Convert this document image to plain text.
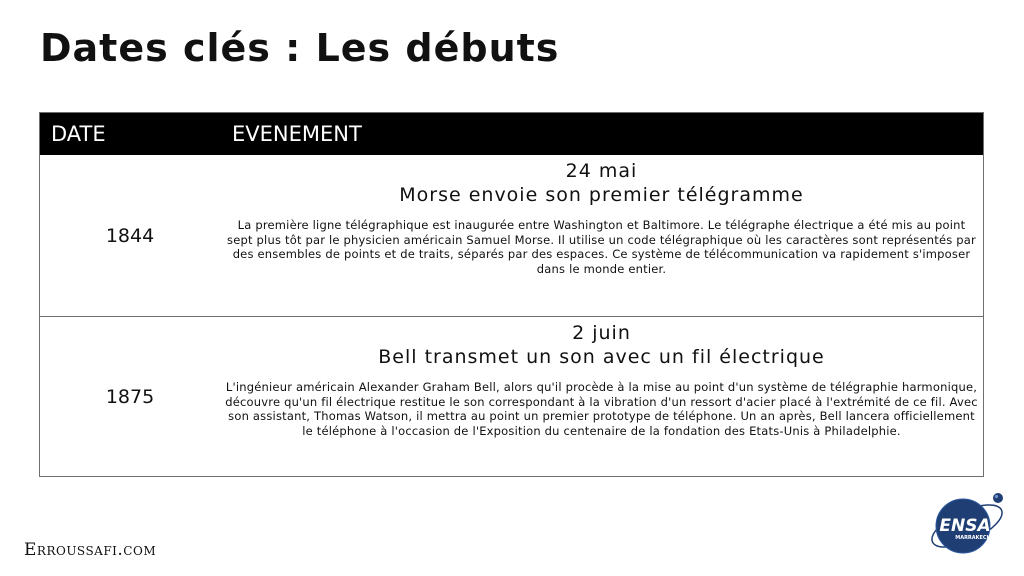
Dates clés : Les débuts
DATE	EVENEMENT
1844
24 mai
Morse envoie son premier télégramme
La première ligne télégraphique est inaugurée entre Washington et Baltimore. Le télégraphe électrique a été mis au point sept plus tôt par le physicien américain Samuel Morse. Il utilise un code télégraphique où les caractères sont représentés par des ensembles de points et de traits, séparés par des espaces. Ce système de télécommunication va rapidement s'imposer dans le monde entier.
1875
2 juin
Bell transmet un son avec un fil électrique
L'ingénieur américain Alexander Graham Bell, alors qu'il procède à la mise au point d'un système de télégraphie harmonique, découvre qu'un fil électrique restitue le son correspondant à la vibration d'un ressort d'acier placé à l'extrémité de ce fil. Avec son assistant, Thomas Watson, il mettra au point un premier prototype de téléphone. Un an après, Bell lancera officiellement le téléphone à l'occasion de l'Exposition du centenaire de la fondation des Etats-Unis à Philadelphie.
Erroussafi.com
ENSA
MARRAKECH
